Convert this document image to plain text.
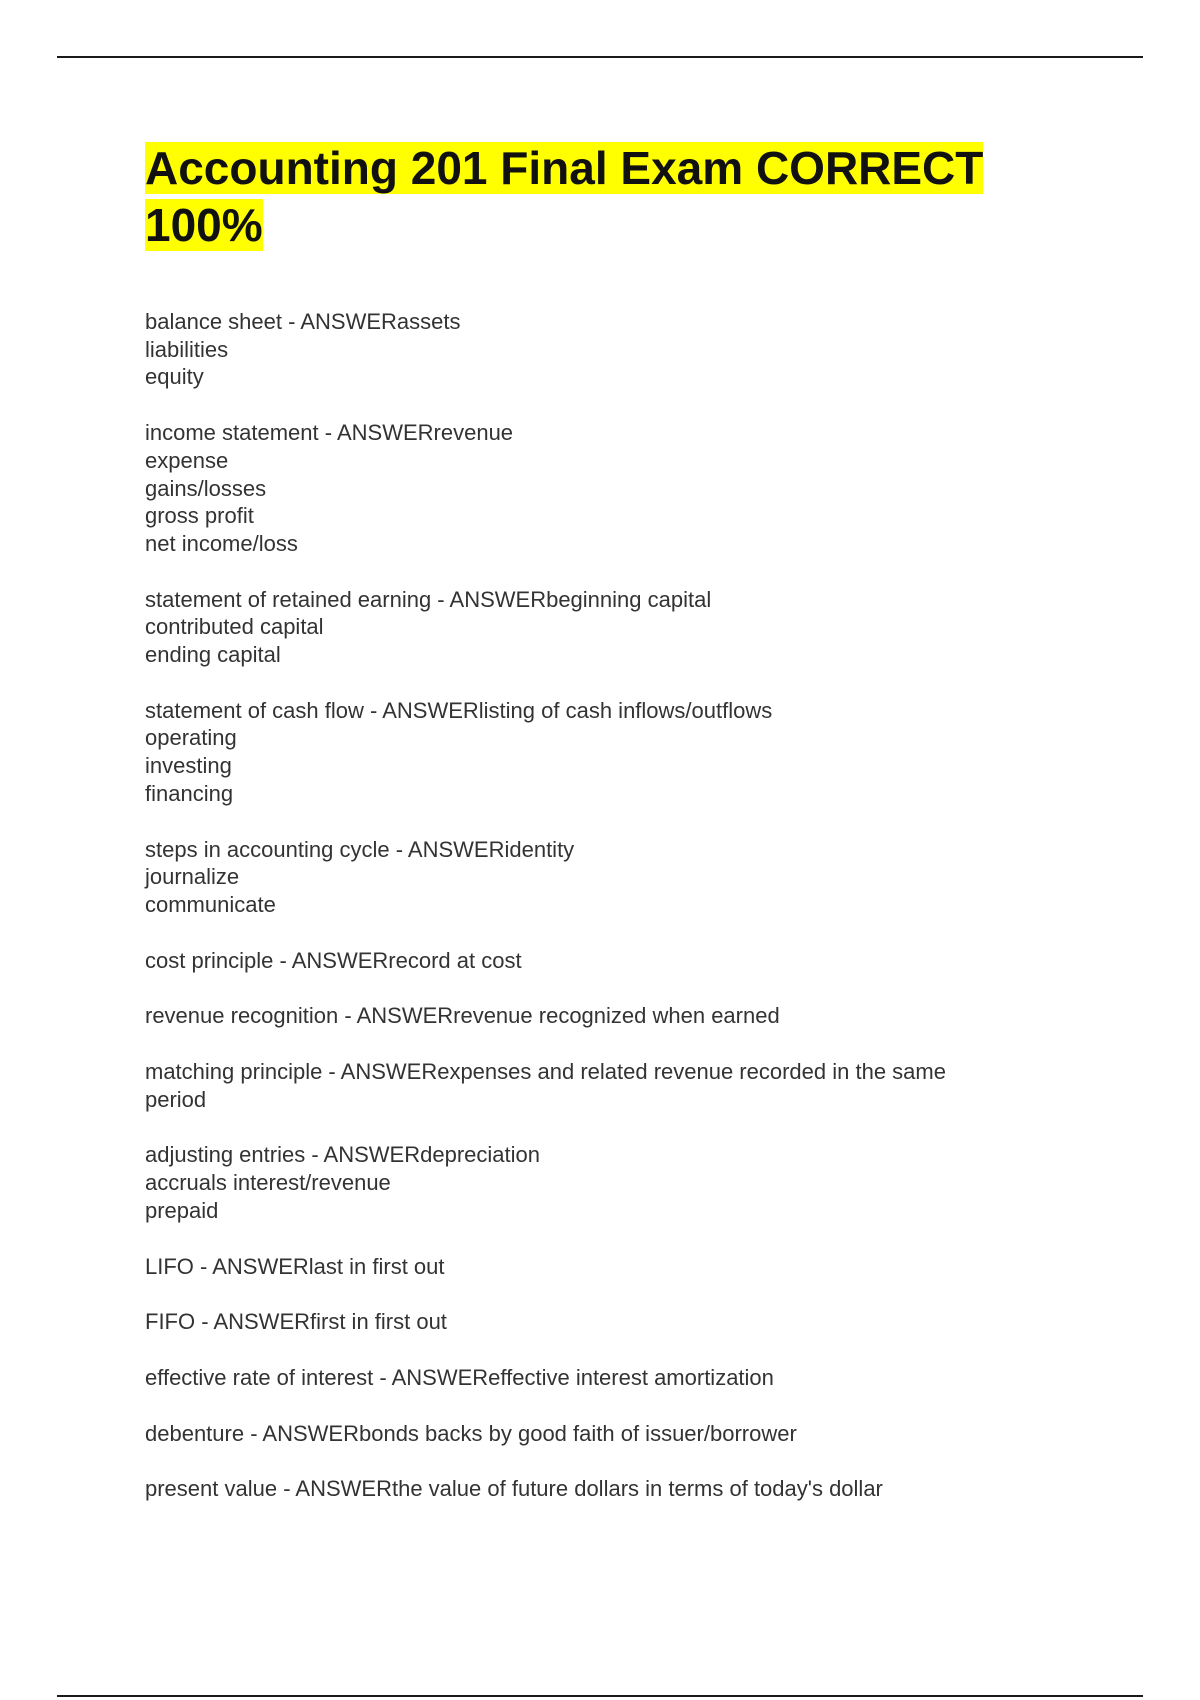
Accounting 201 Final Exam CORRECT 100%
balance sheet - ANSWERassets
liabilities
equity
income statement - ANSWERrevenue
expense
gains/losses
gross profit
net income/loss
statement of retained earning - ANSWERbeginning capital
contributed capital
ending capital
statement of cash flow - ANSWERlisting of cash inflows/outflows
operating
investing
financing
steps in accounting cycle - ANSWERidentity
journalize
communicate
cost principle - ANSWERrecord at cost
revenue recognition - ANSWERrevenue recognized when earned
matching principle - ANSWERexpenses and related revenue recorded in the same
period
adjusting entries - ANSWERdepreciation
accruals interest/revenue
prepaid
LIFO - ANSWERlast in first out
FIFO - ANSWERfirst in first out
effective rate of interest - ANSWEReffective interest amortization
debenture - ANSWERbonds backs by good faith of issuer/borrower
present value - ANSWERthe value of future dollars in terms of today's dollar
